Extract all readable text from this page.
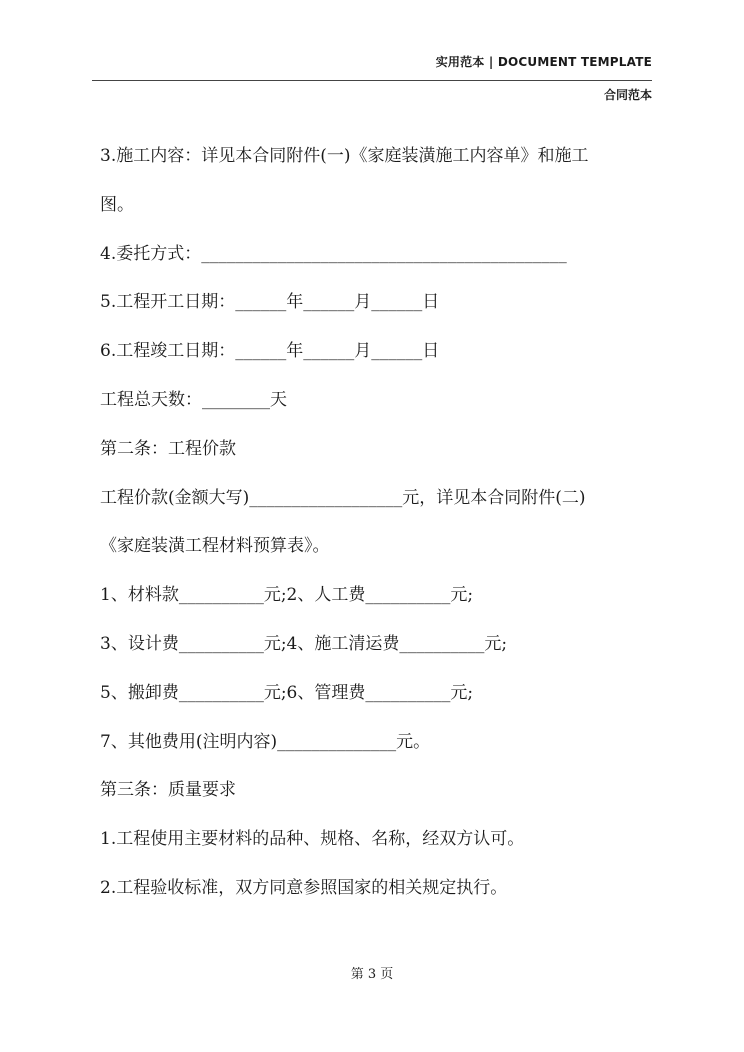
实用范本 | DOCUMENT TEMPLATE
合同范本
3.施工内容：详见本合同附件(一)《家庭装潢施工内容单》和施工
图。
4.委托方式：___________________________________________
5.工程开工日期：______年______月______日
6.工程竣工日期：______年______月______日
工程总天数：________天
第二条：工程价款
工程价款(金额大写)__________________元，详见本合同附件(二)
《家庭装潢工程材料预算表》。
1、材料款__________元;2、人工费__________元;
3、设计费__________元;4、施工清运费__________元;
5、搬卸费__________元;6、管理费__________元;
7、其他费用(注明内容)______________元。
第三条：质量要求
1.工程使用主要材料的品种、规格、名称，经双方认可。
2.工程验收标准，双方同意参照国家的相关规定执行。
第 3 页
